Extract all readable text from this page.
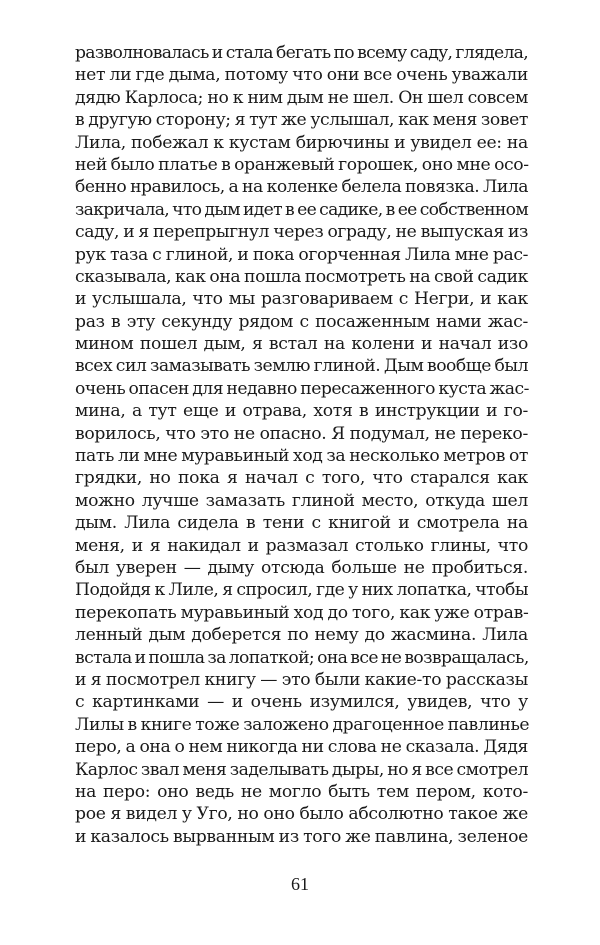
разволновалась и стала бегать по всему саду, глядела,
нет ли где дыма, потому что они все очень уважали
дядю Карлоса; но к ним дым не шел. Он шел совсем
в другую сторону; я тут же услышал, как меня зовет
Лила, побежал к кустам бирючины и увидел ее: на
ней было платье в оранжевый горошек, оно мне осо-
бенно нравилось, а на коленке белела повязка. Лила
закричала, что дым идет в ее садике, в ее собственном
саду, и я перепрыгнул через ограду, не выпуская из
рук таза с глиной, и пока огорченная Лила мне рас-
сказывала, как она пошла посмотреть на свой садик
и услышала, что мы разговариваем с Негри, и как
раз в эту секунду рядом с посаженным нами жас-
мином пошел дым, я встал на колени и начал изо
всех сил замазывать землю глиной. Дым вообще был
очень опасен для недавно пересаженного куста жас-
мина, а тут еще и отрава, хотя в инструкции и го-
ворилось, что это не опасно. Я подумал, не переко-
пать ли мне муравьиный ход за несколько метров от
грядки, но пока я начал с того, что старался как
можно лучше замазать глиной место, откуда шел
дым. Лила сидела в тени с книгой и смотрела на
меня, и я накидал и размазал столько глины, что
был уверен — дыму отсюда больше не пробиться.
Подойдя к Лиле, я спросил, где у них лопатка, чтобы
перекопать муравьиный ход до того, как уже отрав-
ленный дым доберется по нему до жасмина. Лила
встала и пошла за лопаткой; она все не возвращалась,
и я посмотрел книгу — это были какие-то рассказы
с картинками — и очень изумился, увидев, что у
Лилы в книге тоже заложено драгоценное павлинье
перо, а она о нем никогда ни слова не сказала. Дядя
Карлос звал меня заделывать дыры, но я все смотрел
на перо: оно ведь не могло быть тем пером, кото-
рое я видел у Уго, но оно было абсолютно такое же
и казалось вырванным из того же павлина, зеленое
61
